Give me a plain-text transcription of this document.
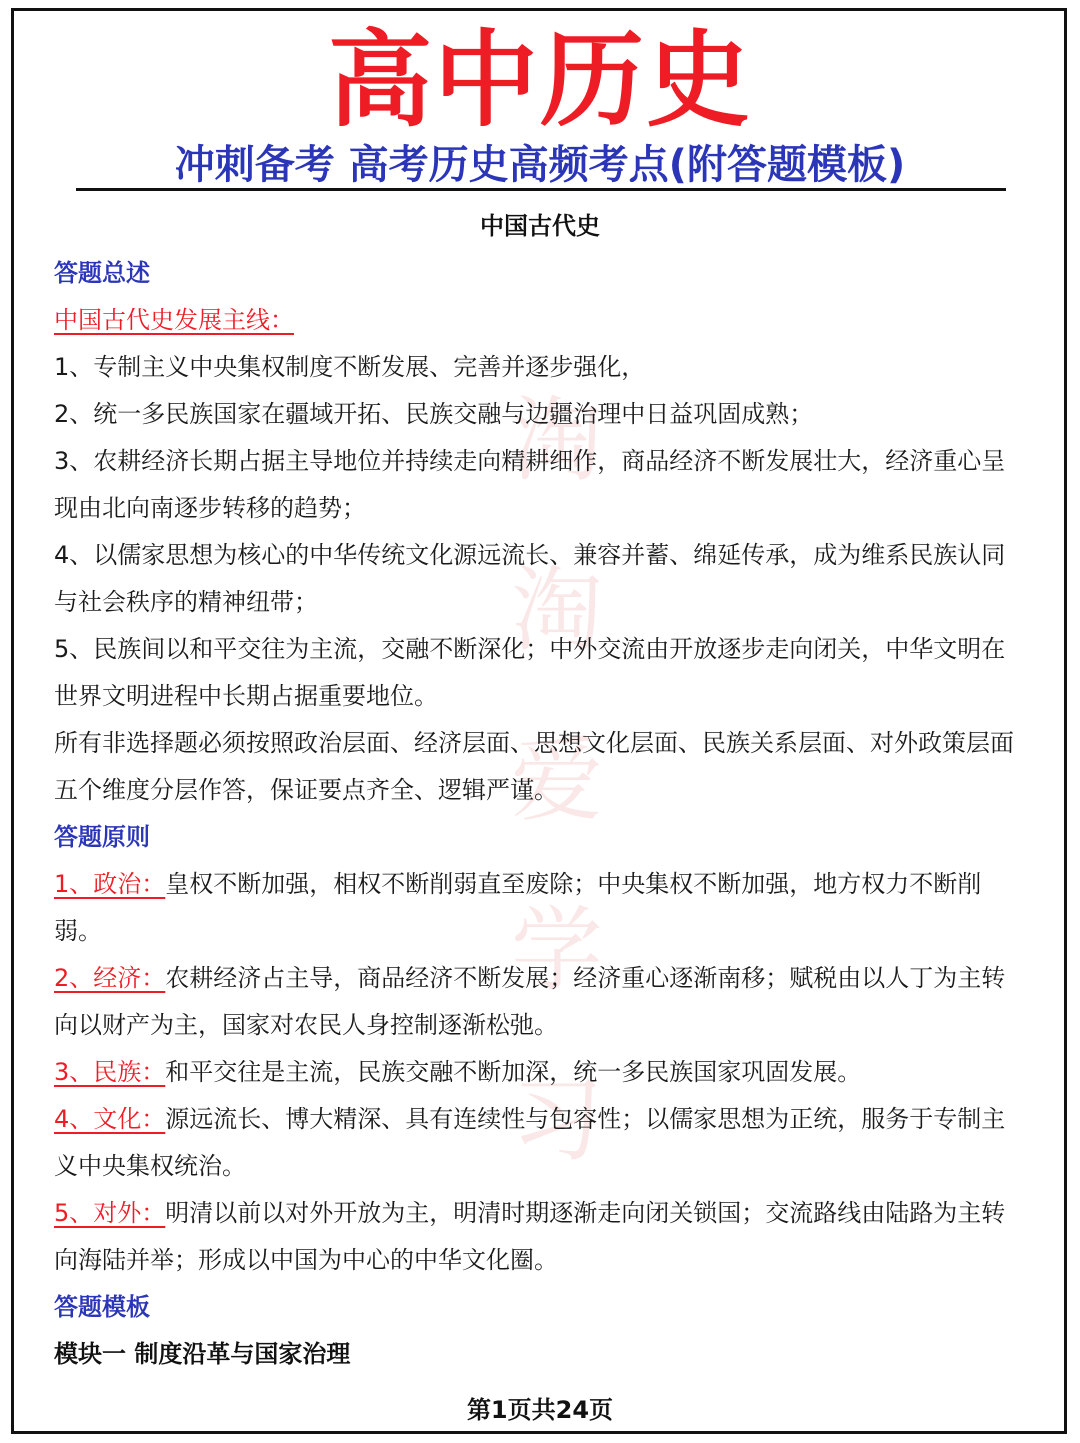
淘
淘
爱
学
习
高中历史
冲刺备考 高考历史高频考点(附答题模板)
中国古代史

答题总述

中国古代史发展主线：

1、专制主义中央集权制度不断发展、完善并逐步强化，

2、统一多民族国家在疆域开拓、民族交融与边疆治理中日益巩固成熟；

3、农耕经济长期占据主导地位并持续走向精耕细作，商品经济不断发展壮大，经济重心呈现由北向南逐步转移的趋势；

4、以儒家思想为核心的中华传统文化源远流长、兼容并蓄、绵延传承，成为维系民族认同与社会秩序的精神纽带；

5、民族间以和平交往为主流，交融不断深化；中外交流由开放逐步走向闭关，中华文明在世界文明进程中长期占据重要地位。

所有非选择题必须按照政治层面、经济层面、思想文化层面、民族关系层面、对外政策层面五个维度分层作答，保证要点齐全、逻辑严谨。

答题原则

1、政治：皇权不断加强，相权不断削弱直至废除；中央集权不断加强，地方权力不断削弱。

2、经济：农耕经济占主导，商品经济不断发展；经济重心逐渐南移；赋税由以人丁为主转向以财产为主，国家对农民人身控制逐渐松弛。

3、民族：和平交往是主流，民族交融不断加深，统一多民族国家巩固发展。

4、文化：源远流长、博大精深、具有连续性与包容性；以儒家思想为正统，服务于专制主义中央集权统治。

5、对外：明清以前以对外开放为主，明清时期逐渐走向闭关锁国；交流路线由陆路为主转向海陆并举；形成以中国为中心的中华文化圈。

答题模板

模块一 制度沿革与国家治理

第1页共24页
